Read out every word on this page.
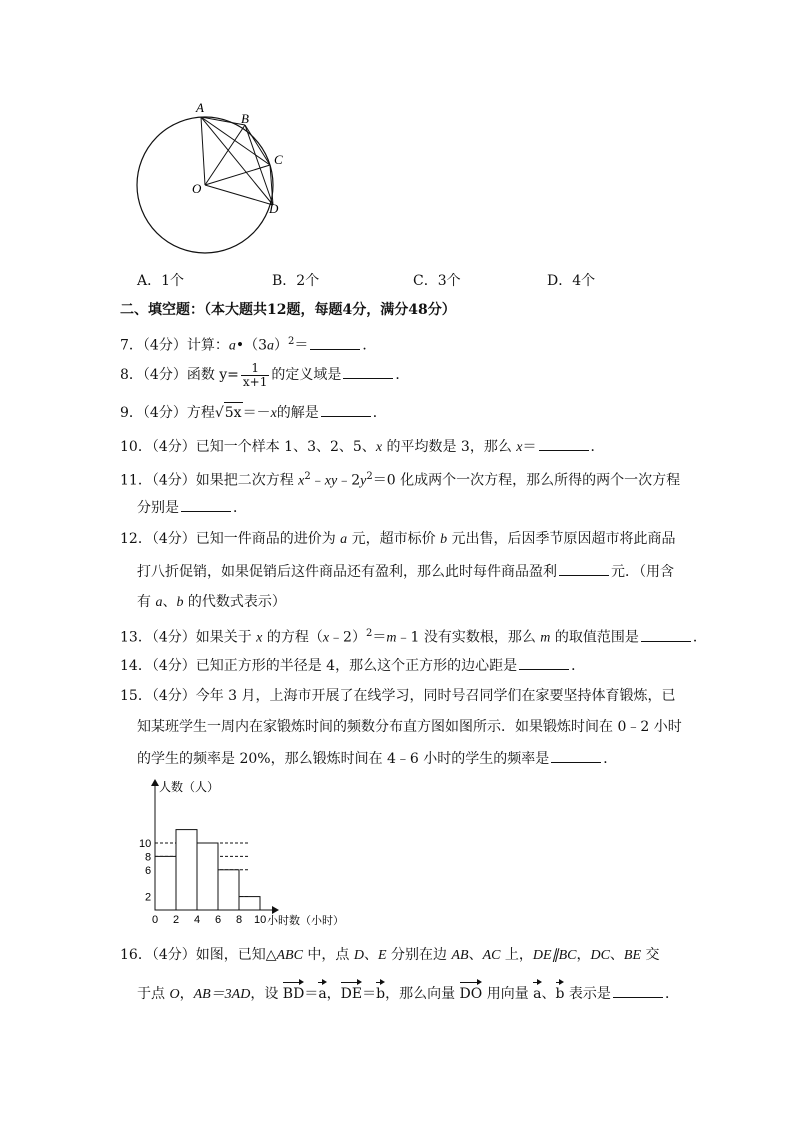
A
B
C
O
D
A．1个	B．2个	C．3个	D．4个
二、填空题：（本大题共12题，每题4分，满分48分）
7．（4分）计算：$a•(3a)^2=$	．
8．（4分）函数 $y= \frac{1}{x+1}$ 的定义域是	．
9．（4分）方程√5x＝－x的解是	．
10．（4分）已知一个样本 1、3、2、5、x 的平均数是 3，那么 x＝	．
11．（4分）如果把二次方程 $x^2﹣xy﹣2y^2=0$ 化成两个一次方程，那么所得的两个一次方程
分别是	．
12．（4分）已知一件商品的进价为 a 元，超市标价 b 元出售，后因季节原因超市将此商品
打八折促销，如果促销后这件商品还有盈利，那么此时每件商品盈利	元．（用含
有 a、b 的代数式表示）
13．（4分）如果关于 x 的方程（x﹣2）$^2$＝m﹣1 没有实数根，那么 m 的取值范围是	．
14．（4分）已知正方形的半径是 4，那么这个正方形的边心距是	．
15．（4分）今年 3 月，上海市开展了在线学习，同时号召同学们在家要坚持体育锻炼，已
知某班学生一周内在家锻炼时间的频数分布直方图如图所示．如果锻炼时间在 0﹣2 小时
的学生的频率是 20%，那么锻炼时间在 4﹣6 小时的学生的频率是	．
人数（人）
小时数（小时）
0 2 4 6 8 10
2
6
8
10
16．（4分）如图，已知△ABC 中，点 D、E 分别在边 AB、AC 上，DE∥BC，DC、BE 交
于点 O，AB＝3AD，设 BD＝a，DE＝b，那么向量 DO 用向量 a、b 表示是	．
